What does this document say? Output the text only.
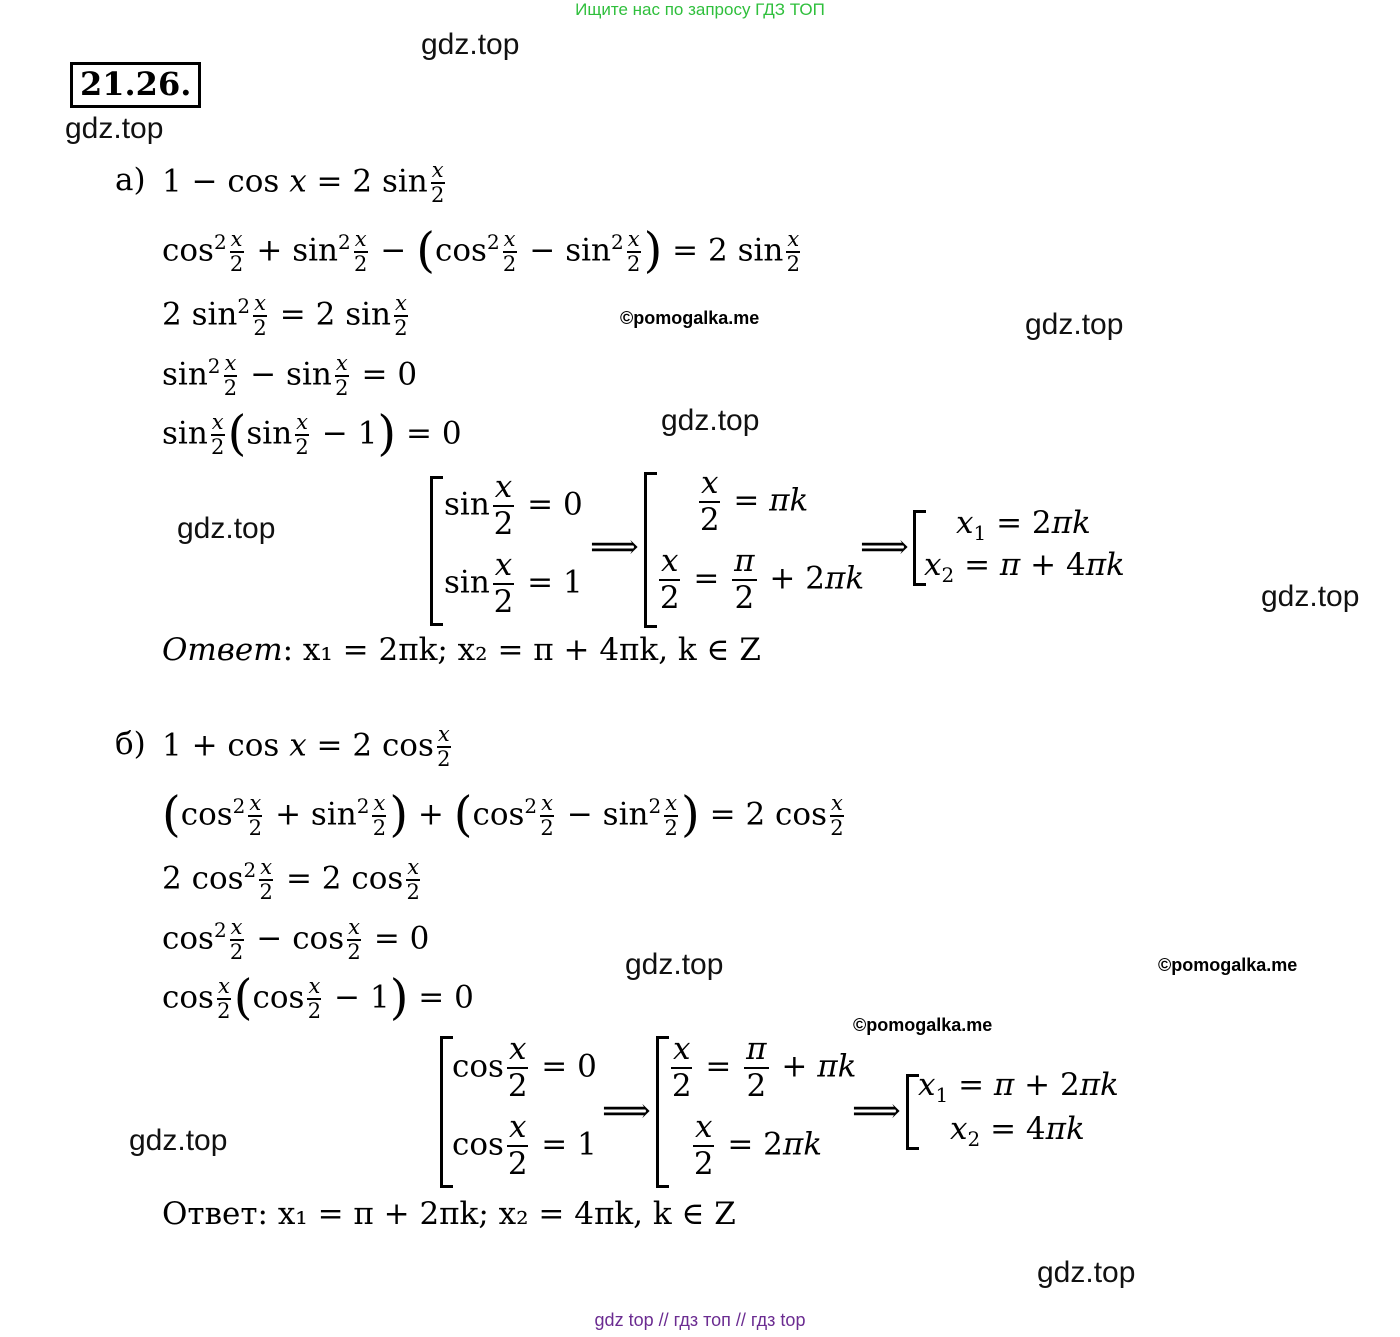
Ищите нас по запросу ГДЗ ТОП
gdz.top
gdz.top
gdz.top
gdz.top
gdz.top
gdz.top
gdz.top
gdz.top
gdz.top
©pomogalka.me
©pomogalka.me
©pomogalka.me
21.26.
а) 1 − cos x = 2 $\sin \frac{x}{2}$
$\cos^2 \frac{x}{2} + \sin^2 \frac{x}{2} - (\cos^2 \frac{x}{2} - \sin^2 \frac{x}{2}$ ) = 2 $\sin \frac{x}{2}$
2 $\sin^2 \frac{x}{2} = 2$ $\sin \frac{x}{2}$
$\sin^2 \frac{x}{2} - \sin \frac{x}{2} = 0$
$\sin \frac{x}{2} (\sin \frac{x}{2} - 1) = 0$
$\sin \frac{x}{2} = 0$
$\sin \frac{x}{2} = 1$
⟹
$\frac{x}{2} = \pi k$
$\frac{x}{2} = \frac{\pi}{2} + 2\pi k$
⟹
$x_1 = 2\pi k$
$x_2 = \pi + 4\pi k$
Ответ: x₁ = 2πk; x₂ = π + 4πk, k ∈ Z
б) 1 + cos x = 2 $\cos \frac{x}{2}$
($\cos^2 \frac{x}{2} + \sin^2 \frac{x}{2}$ ) + ($\cos^2 \frac{x}{2} - \sin^2 \frac{x}{2}$ ) = 2 $\cos \frac{x}{2}$
2 $\cos^2 \frac{x}{2} = 2$ $\cos \frac{x}{2}$
$\cos^2 \frac{x}{2} - \cos \frac{x}{2} = 0$
$\cos \frac{x}{2} (\cos \frac{x}{2} - 1) = 0$
$\cos \frac{x}{2} = 0$
$\cos \frac{x}{2} = 1$
⟹
$\frac{x}{2} = \frac{\pi}{2} + \pi k$
$\frac{x}{2} = 2\pi k$
⟹
$x_1 = \pi + 2\pi k$
$x_2 = 4\pi k$
Ответ: x₁ = π + 2πk; x₂ = 4πk, k ∈ Z
gdz top // гдз топ // гдз top
